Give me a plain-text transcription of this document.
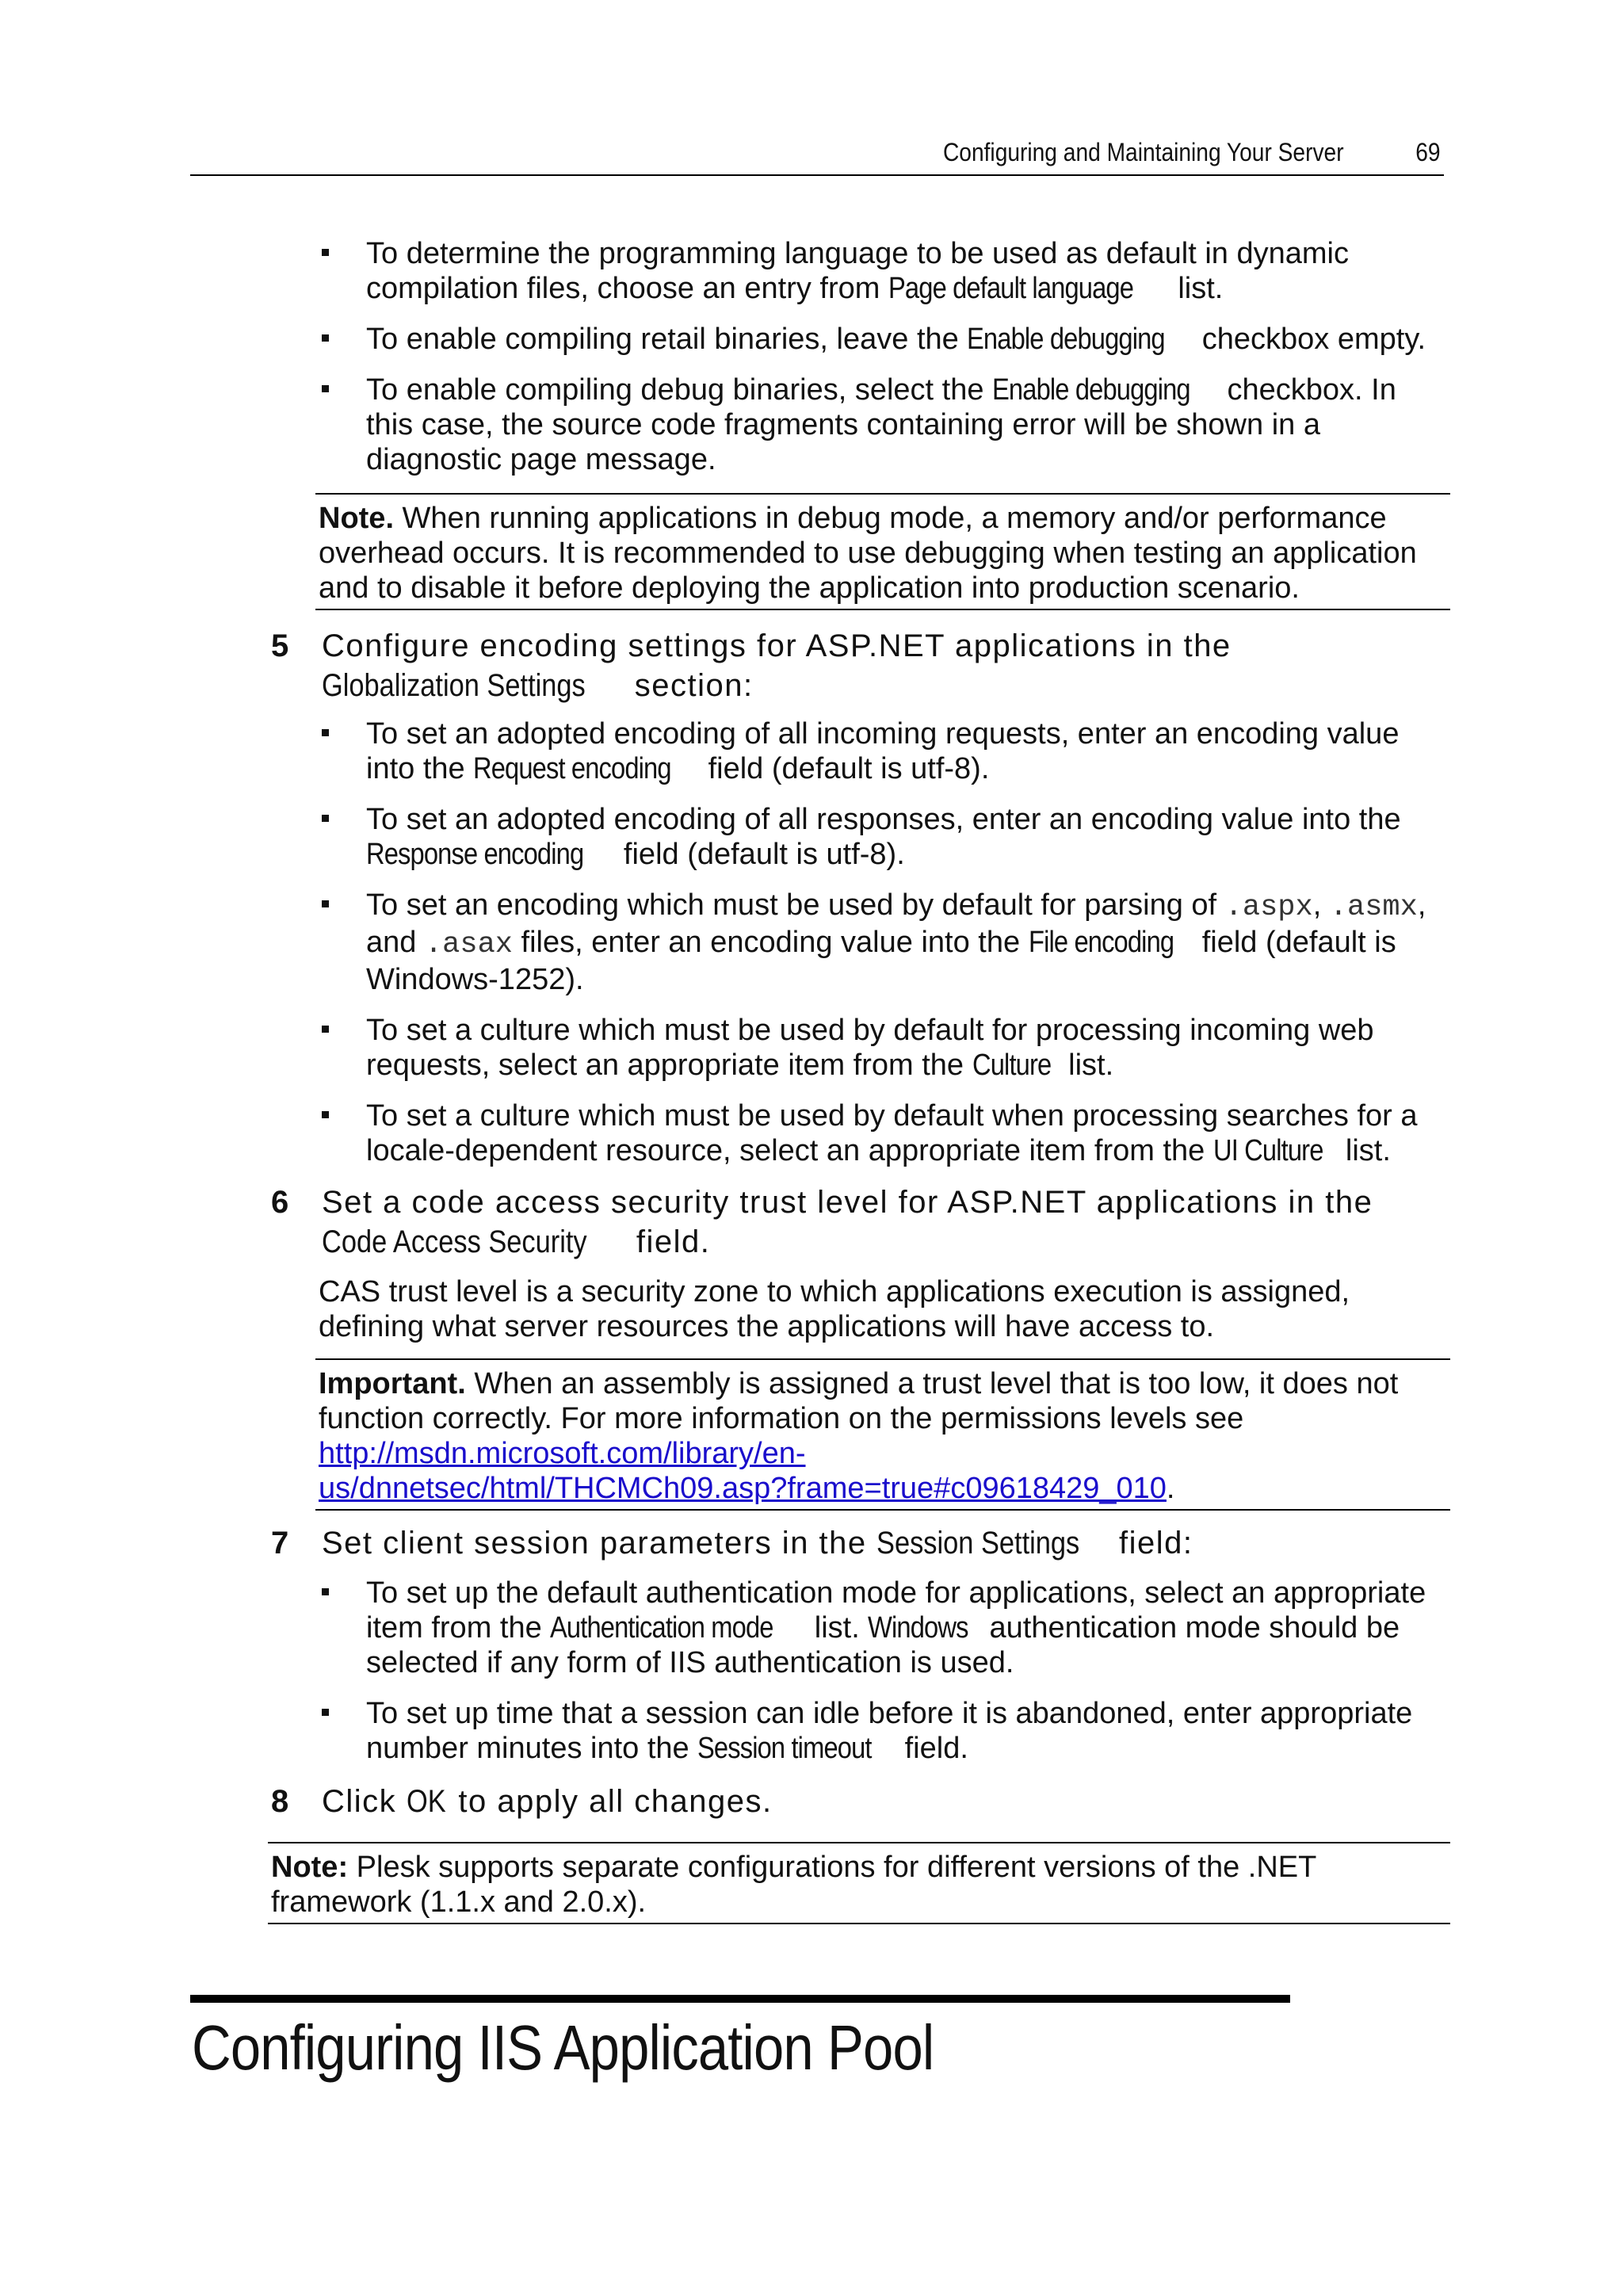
Configuring and Maintaining Your Server	69
To determine the programming language to be used as default in dynamic compilation files, choose an entry from Page default language list.
To enable compiling retail binaries, leave the Enable debugging checkbox empty.
To enable compiling debug binaries, select the Enable debugging checkbox. In this case, the source code fragments containing error will be shown in a diagnostic page message.
Note. When running applications in debug mode, a memory and/or performance overhead occurs. It is recommended to use debugging when testing an application and to disable it before deploying the application into production scenario.
5	Configure encoding settings for ASP.NET applications in the Globalization Settings section:
To set an adopted encoding of all incoming requests, enter an encoding value into the Request encoding field (default is utf-8).
To set an adopted encoding of all responses, enter an encoding value into the Response encoding field (default is utf-8).
To set an encoding which must be used by default for parsing of .aspx, .asmx, and .asax files, enter an encoding value into the File encoding field (default is Windows-1252).
To set a culture which must be used by default for processing incoming web requests, select an appropriate item from the Culture list.
To set a culture which must be used by default when processing searches for a locale-dependent resource, select an appropriate item from the UI Culture list.
6	Set a code access security trust level for ASP.NET applications in the Code Access Security field.
CAS trust level is a security zone to which applications execution is assigned, defining what server resources the applications will have access to.
Important. When an assembly is assigned a trust level that is too low, it does not function correctly. For more information on the permissions levels see
http://msdn.microsoft.com/library/en-
us/dnnetsec/html/THCMCh09.asp?frame=true#c09618429_010.
7	Set client session parameters in the Session Settings field:
To set up the default authentication mode for applications, select an appropriate item from the Authentication mode list. Windows authentication mode should be selected if any form of IIS authentication is used.
To set up time that a session can idle before it is abandoned, enter appropriate number minutes into the Session timeout field.
8	Click OK to apply all changes.
Note: Plesk supports separate configurations for different versions of the .NET framework (1.1.x and 2.0.x).
Configuring IIS Application Pool
